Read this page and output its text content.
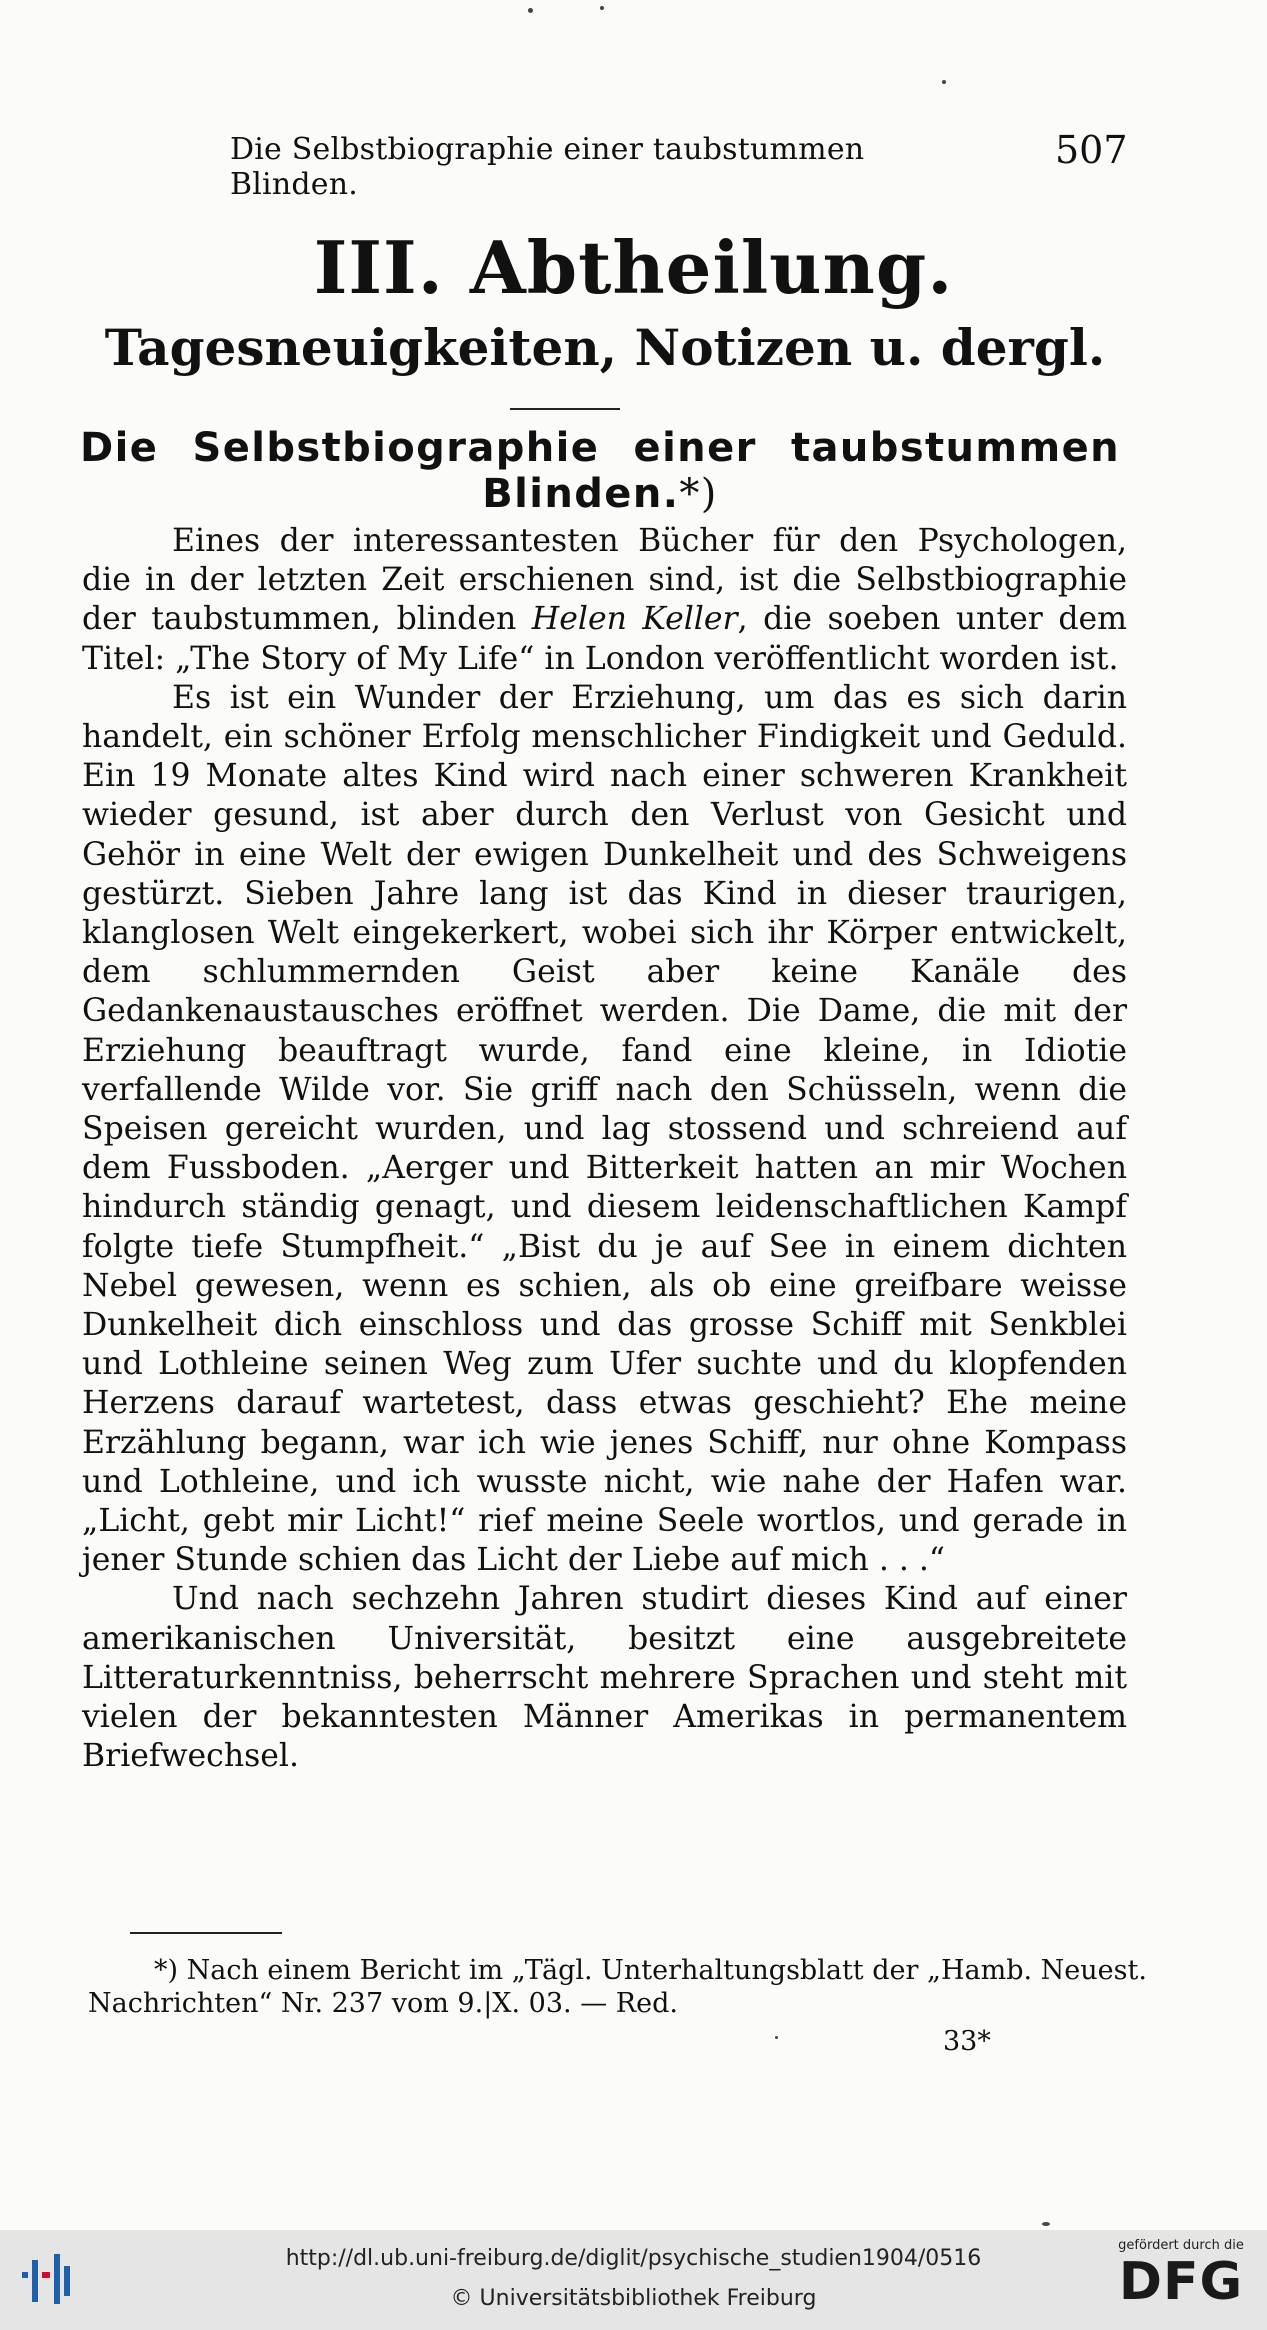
Die Selbstbiographie einer taubstummen Blinden.
507
III. Abtheilung.
Tagesneuigkeiten, Notizen u. dergl.
Die Selbstbiographie einer taubstummen Blinden.*)

Eines der interessantesten Bücher für den Psychologen, die in der letzten Zeit erschienen sind, ist die Selbstbiographie der taubstummen, blinden Helen Keller, die soeben unter dem Titel: „The Story of My Life“ in London veröffentlicht worden ist.

Es ist ein Wunder der Erziehung, um das es sich darin handelt, ein schöner Erfolg menschlicher Findigkeit und Geduld. Ein 19 Monate altes Kind wird nach einer schweren Krankheit wieder gesund, ist aber durch den Verlust von Gesicht und Gehör in eine Welt der ewigen Dunkelheit und des Schweigens gestürzt. Sieben Jahre lang ist das Kind in dieser traurigen, klanglosen Welt eingekerkert, wobei sich ihr Körper entwickelt, dem schlummernden Geist aber keine Kanäle des Gedankenaustausches eröffnet werden. Die Dame, die mit der Erziehung beauftragt wurde, fand eine kleine, in Idiotie verfallende Wilde vor. Sie griff nach den Schüsseln, wenn die Speisen gereicht wurden, und lag stossend und schreiend auf dem Fussboden. „Aerger und Bitterkeit hatten an mir Wochen hindurch ständig genagt, und diesem leidenschaftlichen Kampf folgte tiefe Stumpfheit.“ „Bist du je auf See in einem dichten Nebel gewesen, wenn es schien, als ob eine greifbare weisse Dunkelheit dich einschloss und das grosse Schiff mit Senkblei und Lothleine seinen Weg zum Ufer suchte und du klopfenden Herzens darauf wartetest, dass etwas geschieht? Ehe meine Erzählung begann, war ich wie jenes Schiff, nur ohne Kompass und Lothleine, und ich wusste nicht, wie nahe der Hafen war. „Licht, gebt mir Licht!“ rief meine Seele wortlos, und gerade in jener Stunde schien das Licht der Liebe auf mich . . .“

Und nach sechzehn Jahren studirt dieses Kind auf einer amerikanischen Universität, besitzt eine ausgebreitete Litteraturkenntniss, beherrscht mehrere Sprachen und steht mit vielen der bekanntesten Männer Amerikas in permanentem Briefwechsel.

*) Nach einem Bericht im „Tägl. Unterhaltungsblatt der „Hamb. Neuest. Nachrichten“ Nr. 237 vom 9.|X. 03. — Red.
33*
http://dl.ub.uni-freiburg.de/diglit/psychische_studien1904/0516
© Universitätsbibliothek Freiburg
gefördert durch die
DFG
